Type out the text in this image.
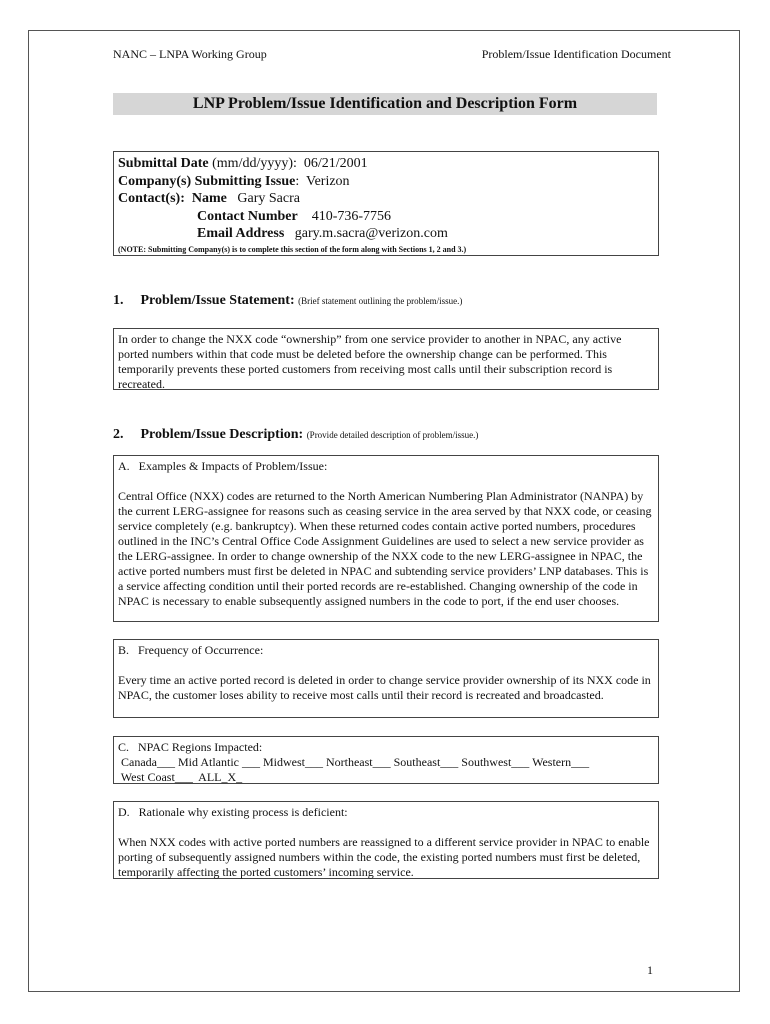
NANC – LNPA Working Group	Problem/Issue Identification Document
LNP Problem/Issue Identification and Description Form
Submittal Date (mm/dd/yyyy): 06/21/2001
Company(s) Submitting Issue:  Verizon
Contact(s): Name Gary Sacra
Contact Number 410-736-7756
Email Address gary.m.sacra@verizon.com
(NOTE: Submitting Company(s) is to complete this section of the form along with Sections 1, 2 and 3.)
1. Problem/Issue Statement: (Brief statement outlining the problem/issue.)

In order to change the NXX code “ownership” from one service provider to another in NPAC, any active ported numbers within that code must be deleted before the ownership change can be performed. This temporarily prevents these ported customers from receiving most calls until their subscription record is recreated.

2. Problem/Issue Description: (Provide detailed description of problem/issue.)

A.   Examples & Impacts of Problem/Issue:

Central Office (NXX) codes are returned to the North American Numbering Plan Administrator (NANPA) by the current LERG-assignee for reasons such as ceasing service in the area served by that NXX code, or ceasing service completely (e.g. bankruptcy). When these returned codes contain active ported numbers, procedures outlined in the INC’s Central Office Code Assignment Guidelines are used to select a new service provider as the LERG-assignee. In order to change ownership of the NXX code to the new LERG-assignee in NPAC, the active ported numbers must first be deleted in NPAC and subtending service providers’ LNP databases. This is a service affecting condition until their ported records are re-established. Changing ownership of the code in NPAC is necessary to enable subsequently assigned numbers in the code to port, if the end user chooses.

B.   Frequency of Occurrence:

Every time an active ported record is deleted in order to change service provider ownership of its NXX code in NPAC, the customer loses ability to receive most calls until their record is recreated and broadcasted.

C.   NPAC Regions Impacted:

Canada___ Mid Atlantic ___ Midwest___ Northeast___ Southeast___ Southwest___ Western___

West Coast___  ALL_X_

D.   Rationale why existing process is deficient:

When NXX codes with active ported numbers are reassigned to a different service provider in NPAC to enable porting of subsequently assigned numbers within the code, the existing ported numbers must first be deleted, temporarily affecting the ported customers’ incoming service.

1
